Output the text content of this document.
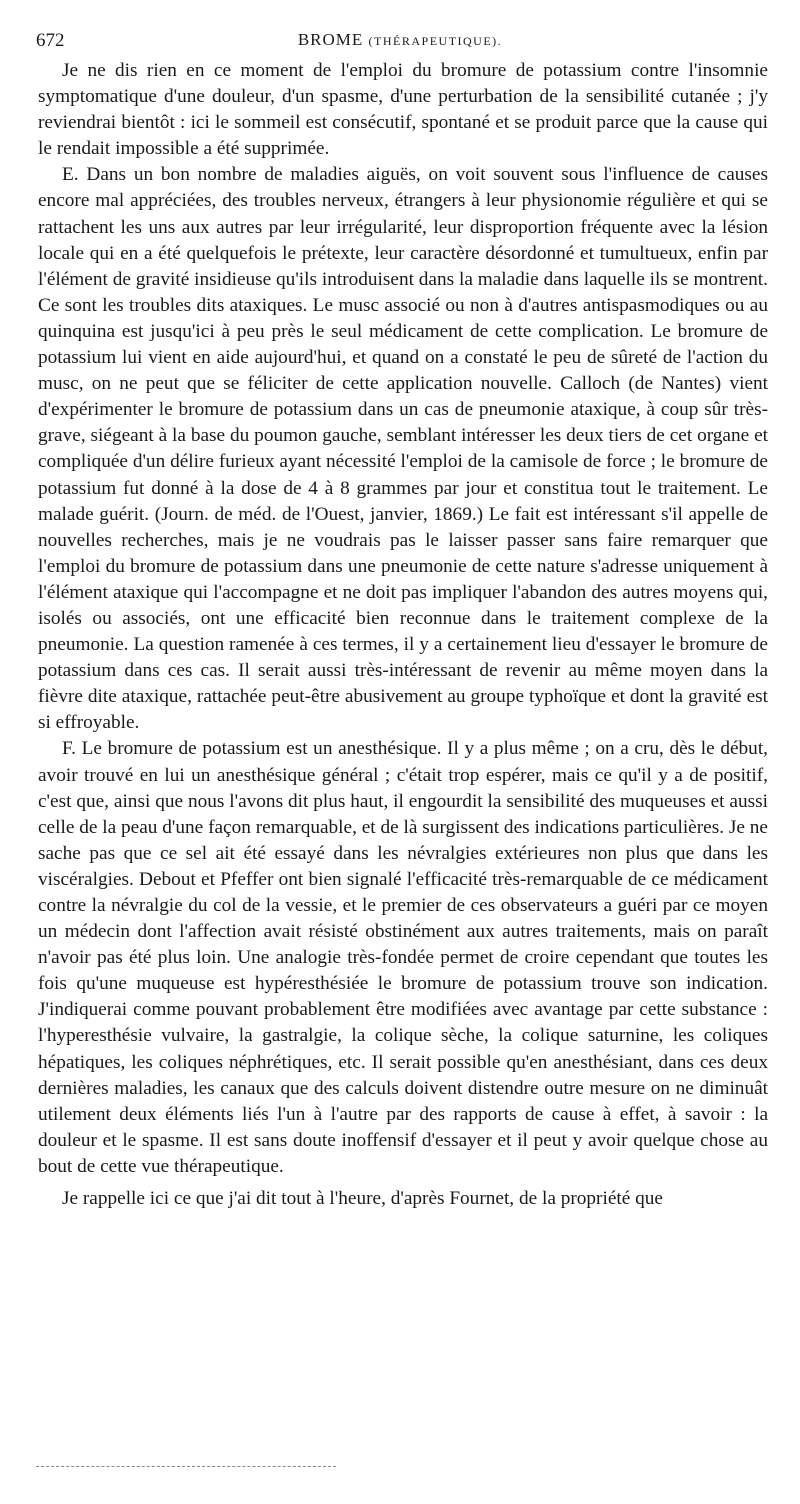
672	BROME (THÉRAPEUTIQUE).

Je ne dis rien en ce moment de l'emploi du bromure de potassium contre l'insomnie symptomatique d'une douleur, d'un spasme, d'une perturbation de la sensibilité cutanée ; j'y reviendrai bientôt : ici le sommeil est consécutif, spontané et se produit parce que la cause qui le rendait impossible a été supprimée.

E. Dans un bon nombre de maladies aiguës, on voit souvent sous l'influence de causes encore mal appréciées, des troubles nerveux, étrangers à leur physionomie régulière et qui se rattachent les uns aux autres par leur irrégularité, leur disproportion fréquente avec la lésion locale qui en a été quelquefois le prétexte, leur caractère désordonné et tumultueux, enfin par l'élément de gravité insidieuse qu'ils introduisent dans la maladie dans laquelle ils se montrent. Ce sont les troubles dits ataxiques. Le musc associé ou non à d'autres antispasmodiques ou au quinquina est jusqu'ici à peu près le seul médicament de cette complication. Le bromure de potassium lui vient en aide aujourd'hui, et quand on a constaté le peu de sûreté de l'action du musc, on ne peut que se féliciter de cette application nouvelle. Calloch (de Nantes) vient d'expérimenter le bromure de potassium dans un cas de pneumonie ataxique, à coup sûr très-grave, siégeant à la base du poumon gauche, semblant intéresser les deux tiers de cet organe et compliquée d'un délire furieux ayant nécessité l'emploi de la camisole de force ; le bromure de potassium fut donné à la dose de 4 à 8 grammes par jour et constitua tout le traitement. Le malade guérit. (Journ. de méd. de l'Ouest, janvier, 1869.) Le fait est intéressant s'il appelle de nouvelles recherches, mais je ne voudrais pas le laisser passer sans faire remarquer que l'emploi du bromure de potassium dans une pneumonie de cette nature s'adresse uniquement à l'élément ataxique qui l'accompagne et ne doit pas impliquer l'abandon des autres moyens qui, isolés ou associés, ont une efficacité bien reconnue dans le traitement complexe de la pneumonie. La question ramenée à ces termes, il y a certainement lieu d'essayer le bromure de potassium dans ces cas. Il serait aussi très-intéressant de revenir au même moyen dans la fièvre dite ataxique, rattachée peut-être abusivement au groupe typhoïque et dont la gravité est si effroyable.

F. Le bromure de potassium est un anesthésique. Il y a plus même ; on a cru, dès le début, avoir trouvé en lui un anesthésique général ; c'était trop espérer, mais ce qu'il y a de positif, c'est que, ainsi que nous l'avons dit plus haut, il engourdit la sensibilité des muqueuses et aussi celle de la peau d'une façon remarquable, et de là surgissent des indications particulières. Je ne sache pas que ce sel ait été essayé dans les névralgies extérieures non plus que dans les viscéralgies. Debout et Pfeffer ont bien signalé l'efficacité très-remarquable de ce médicament contre la névralgie du col de la vessie, et le premier de ces observateurs a guéri par ce moyen un médecin dont l'affection avait résisté obstinément aux autres traitements, mais on paraît n'avoir pas été plus loin. Une analogie très-fondée permet de croire cependant que toutes les fois qu'une muqueuse est hypéresthésiée le bromure de potassium trouve son indication. J'indiquerai comme pouvant probablement être modifiées avec avantage par cette substance : l'hyperesthésie vulvaire, la gastralgie, la colique sèche, la colique saturnine, les coliques hépatiques, les coliques néphrétiques, etc. Il serait possible qu'en anesthésiant, dans ces deux dernières maladies, les canaux que des calculs doivent distendre outre mesure on ne diminuât utilement deux éléments liés l'un à l'autre par des rapports de cause à effet, à savoir : la douleur et le spasme. Il est sans doute inoffensif d'essayer et il peut y avoir quelque chose au bout de cette vue thérapeutique.

Je rappelle ici ce que j'ai dit tout à l'heure, d'après Fournet, de la propriété que
